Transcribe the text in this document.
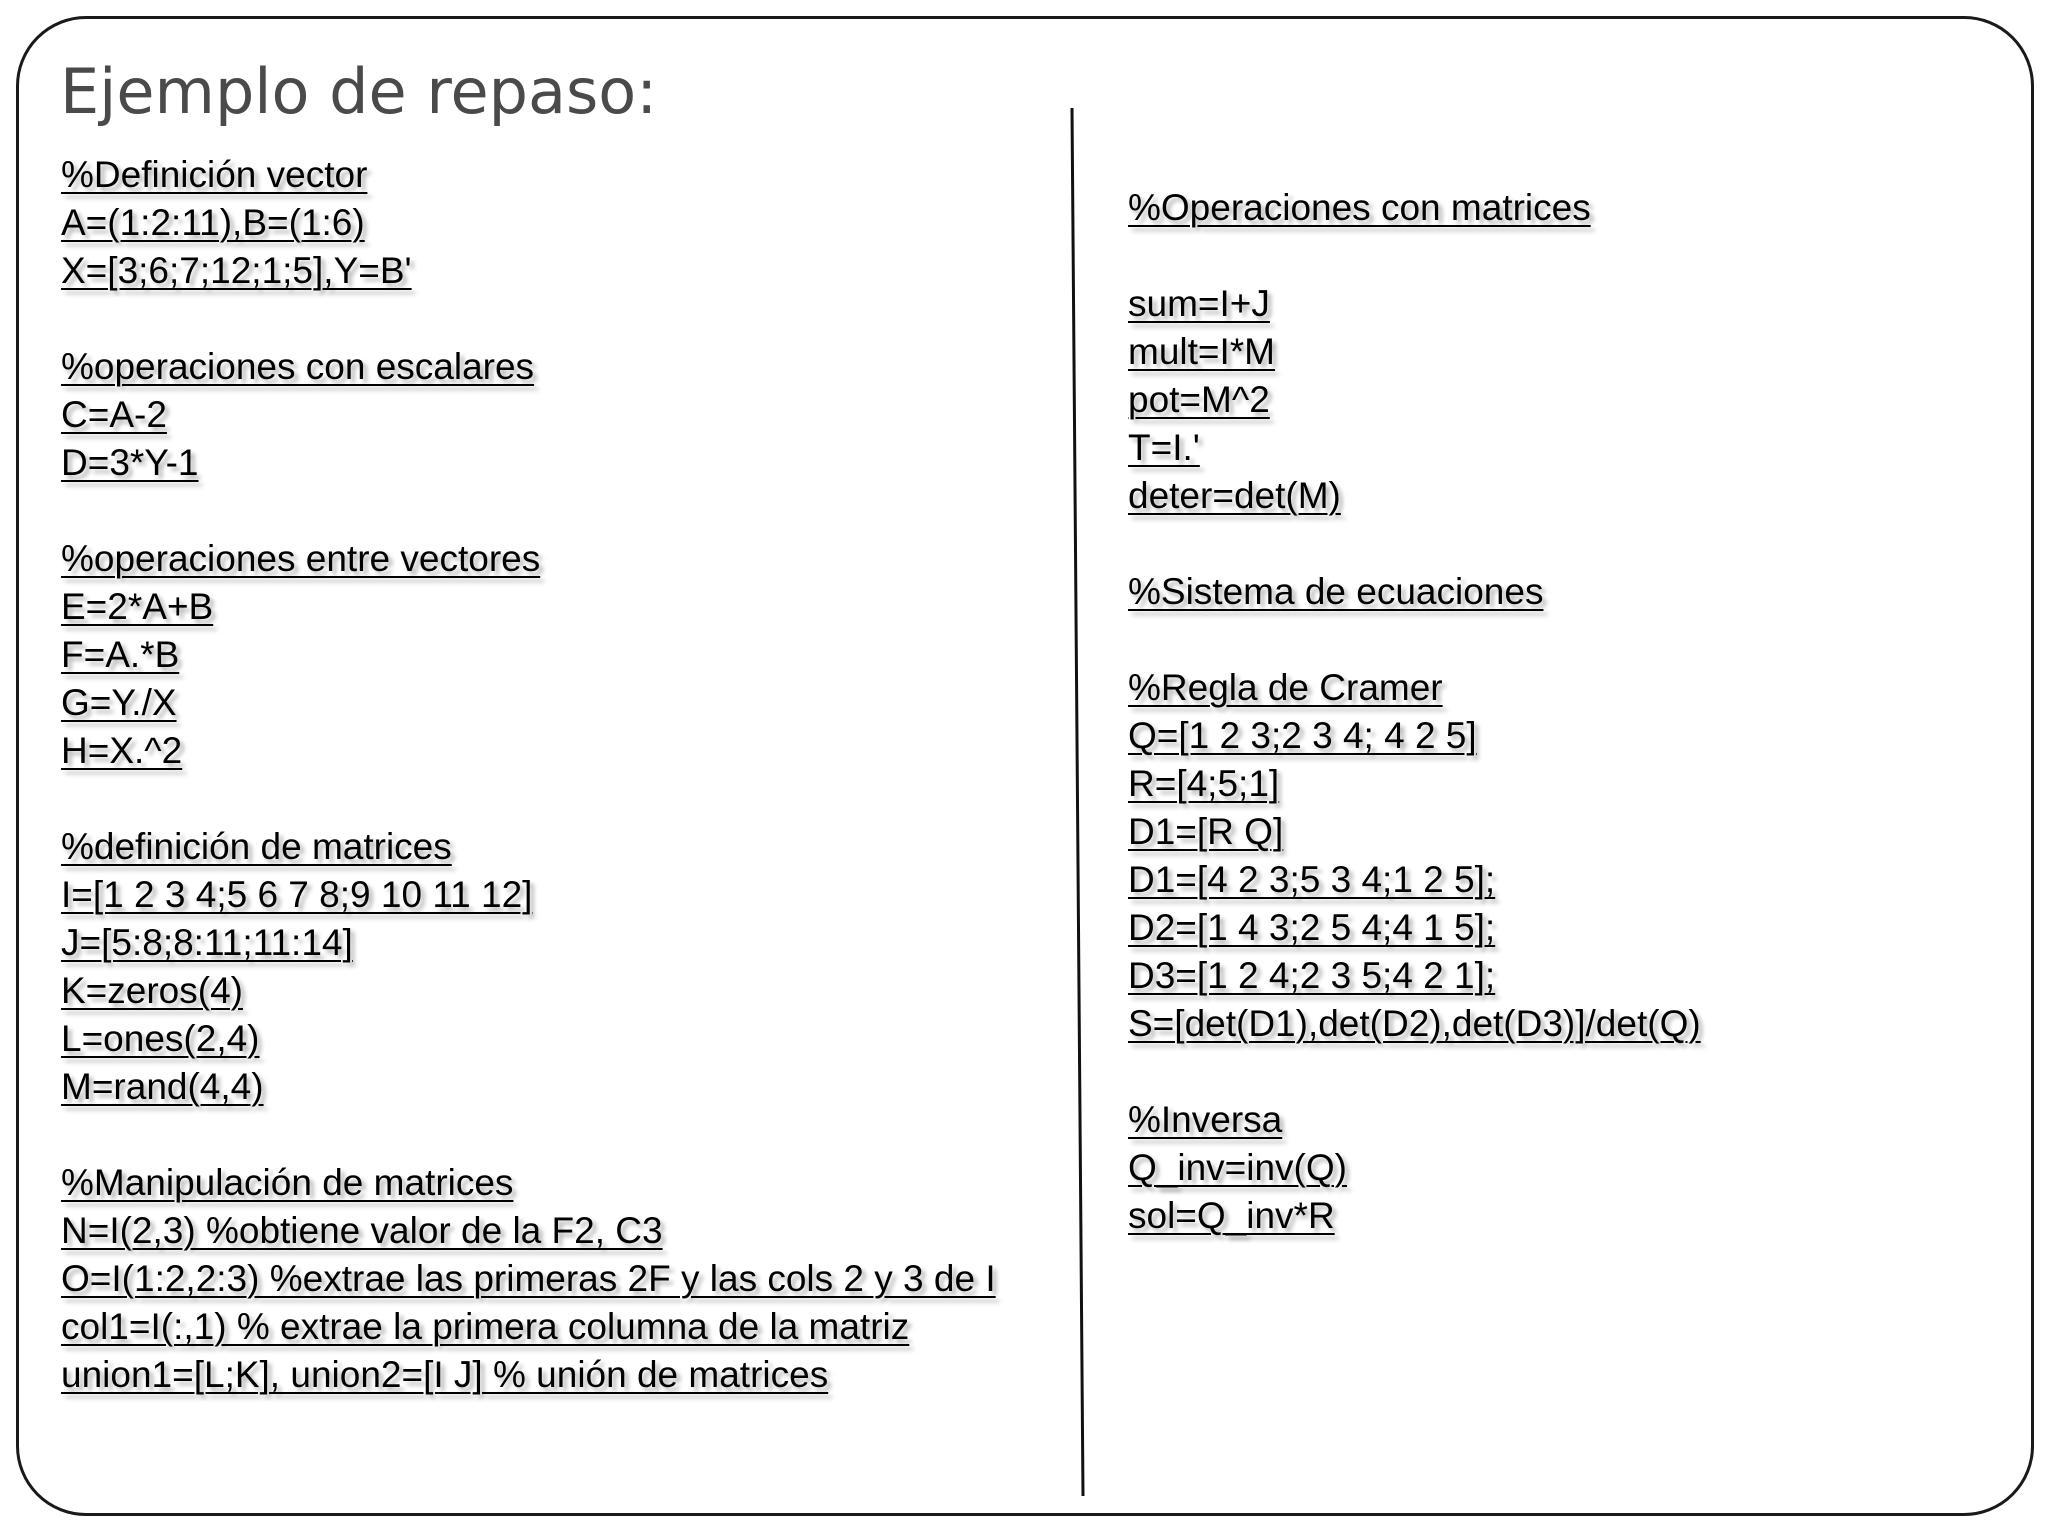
Ejemplo de repaso:
%Definición vector
A=(1:2:11),B=(1:6)
X=[3;6;7;12;1;5],Y=B'
%operaciones con escalares
C=A-2
D=3*Y-1
%operaciones entre vectores
E=2*A+B
F=A.*B
G=Y./X
H=X.^2
%definición de matrices
I=[1 2 3 4;5 6 7 8;9 10 11 12]
J=[5:8;8:11;11:14]
K=zeros(4)
L=ones(2,4)
M=rand(4,4)
%Manipulación de matrices
N=I(2,3) %obtiene valor de la F2, C3
O=I(1:2,2:3) %extrae las primeras 2F y las cols 2 y 3 de I
col1=I(:,1) % extrae la primera columna de la matriz
union1=[L;K], union2=[I J] % unión de matrices
%Operaciones con matrices
sum=I+J
mult=I*M
pot=M^2
T=I.'
deter=det(M)
%Sistema de ecuaciones
%Regla de Cramer
Q=[1 2 3;2 3 4; 4 2 5]
R=[4;5;1]
D1=[R Q]
D1=[4 2 3;5 3 4;1 2 5];
D2=[1 4 3;2 5 4;4 1 5];
D3=[1 2 4;2 3 5;4 2 1];
S=[det(D1),det(D2),det(D3)]/det(Q)
%Inversa
Q_inv=inv(Q)
sol=Q_inv*R
